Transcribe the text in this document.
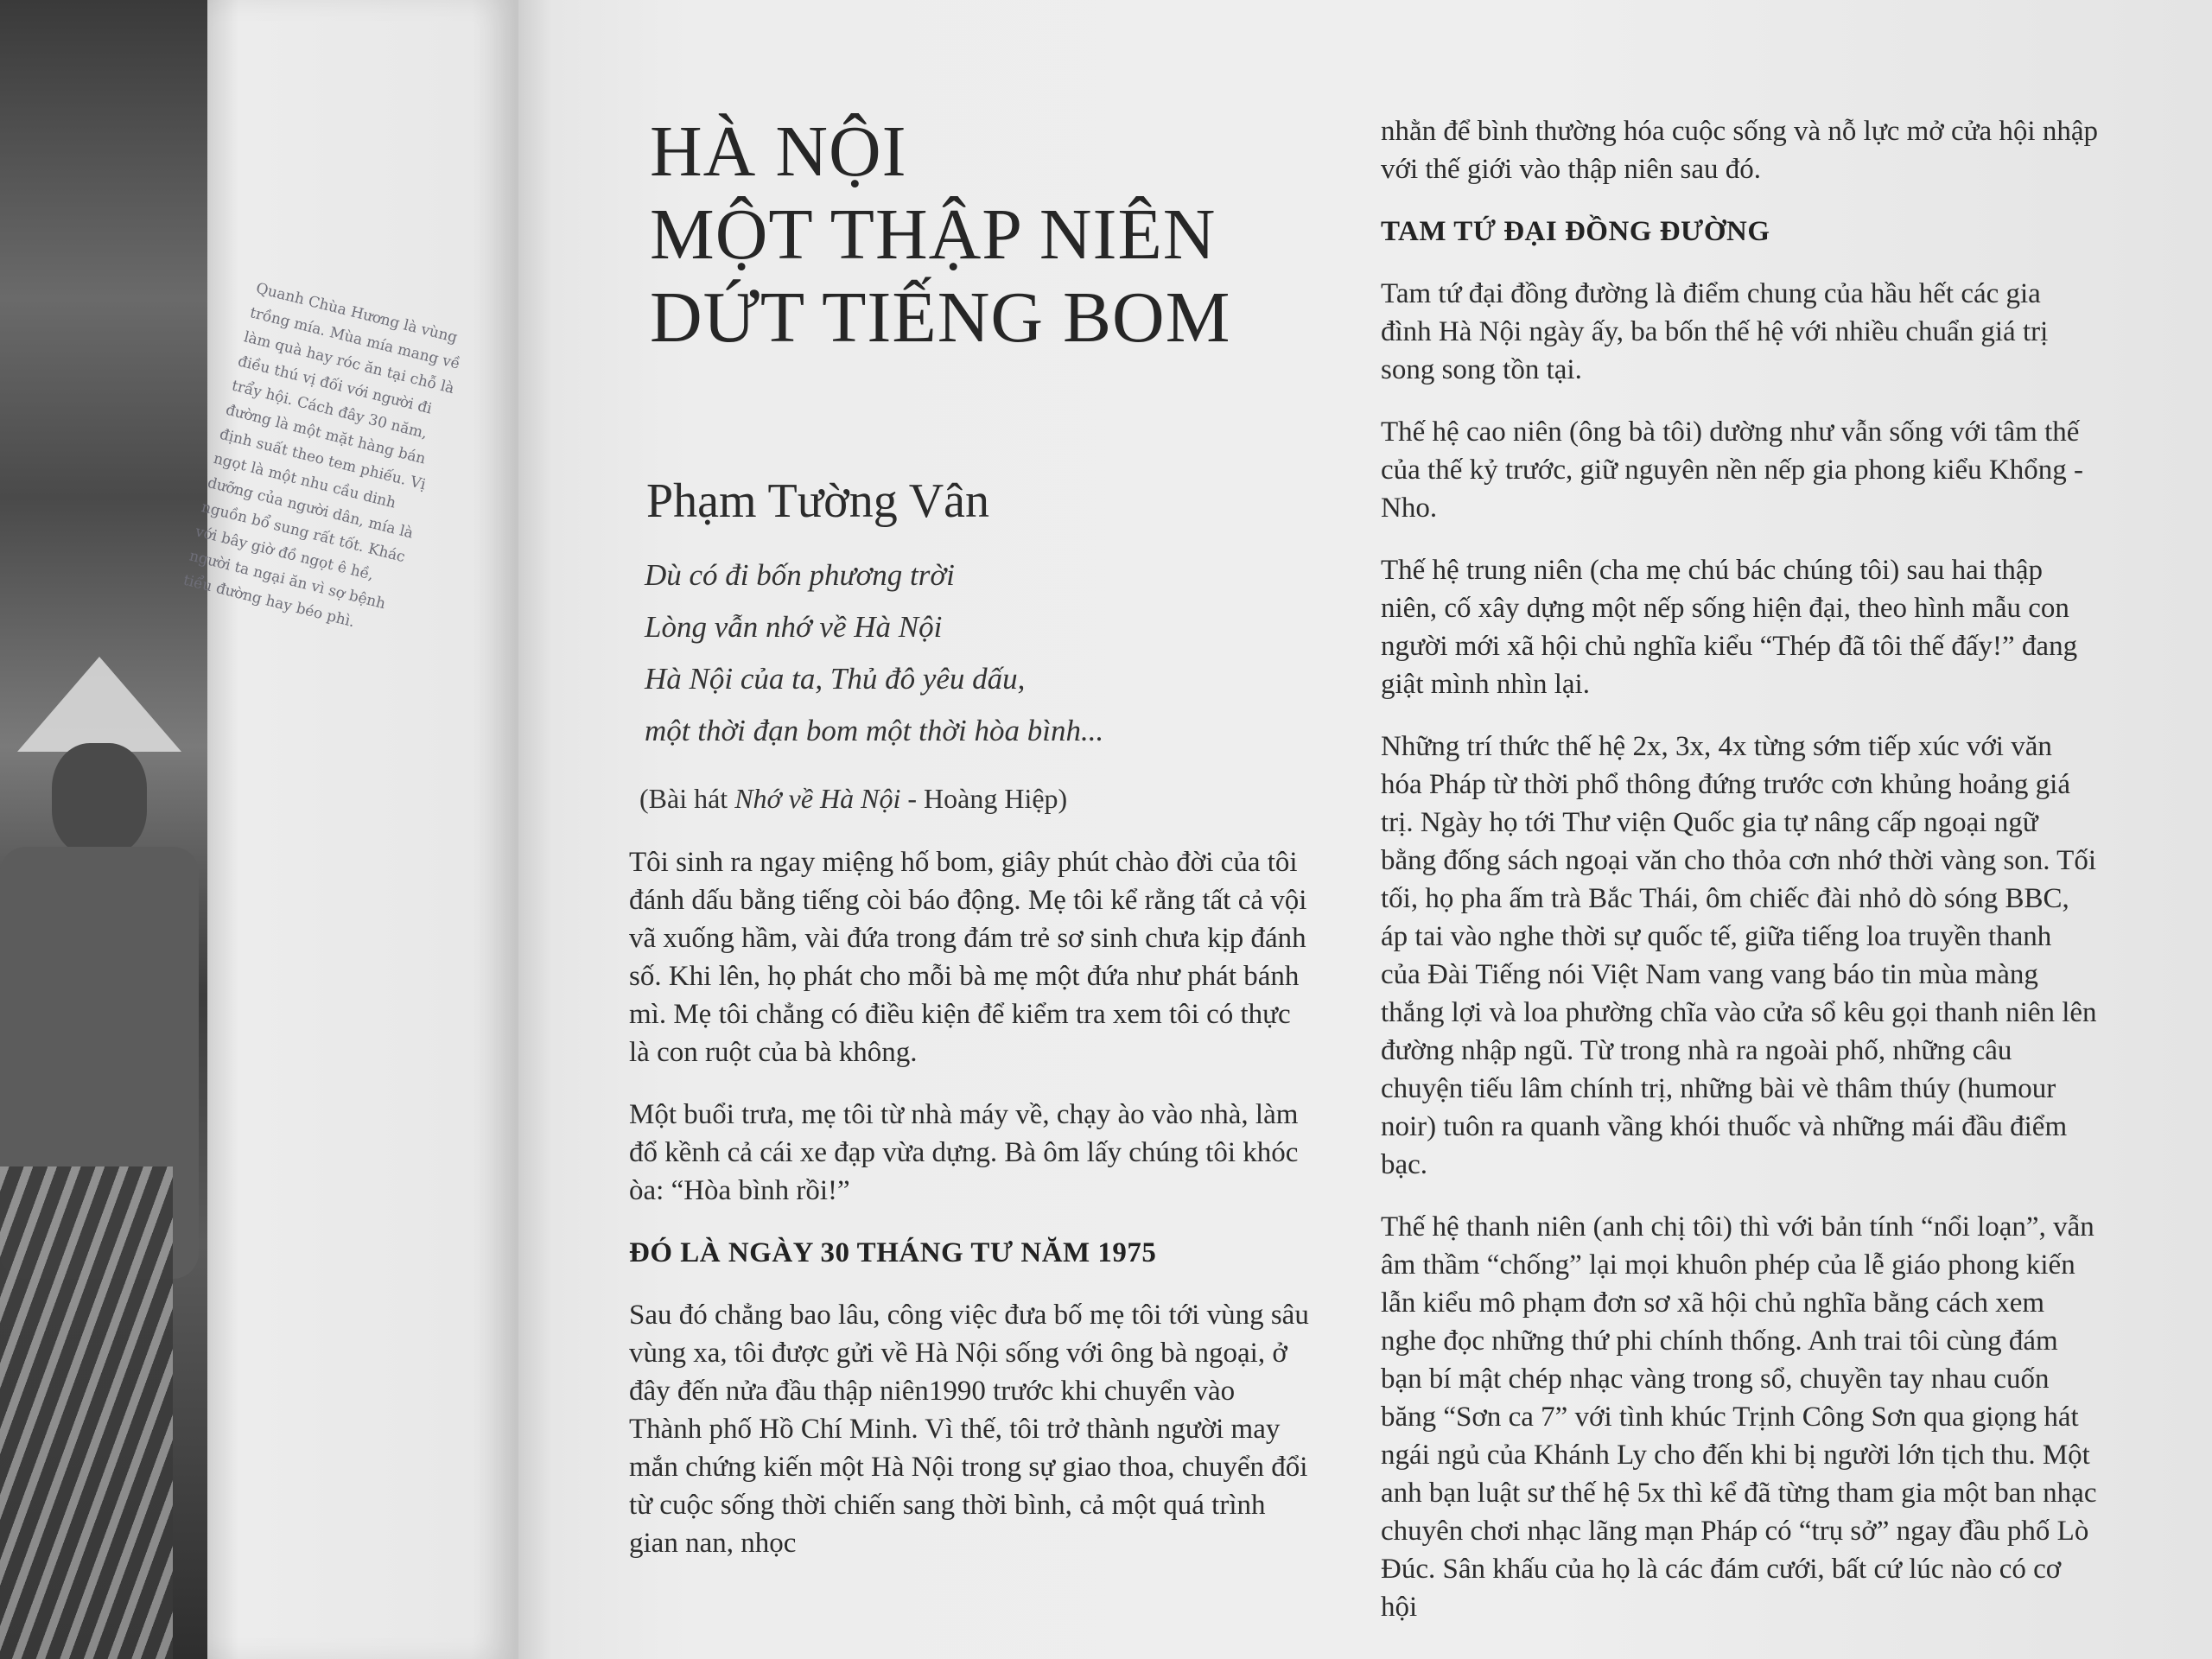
Quanh Chùa Hương là vùng trồng mía. Mùa mía mang về làm quà hay róc ăn tại chỗ là điều thú vị đối với người đi trẩy hội. Cách đây 30 năm, đường là một mặt hàng bán định suất theo tem phiếu. Vị ngọt là một nhu cầu dinh dưỡng của người dân, mía là nguồn bổ sung rất tốt. Khác với bây giờ đồ ngọt ê hề, người ta ngại ăn vì sợ bệnh tiểu đường hay béo phì.

HÀ NỘI
MỘT THẬP NIÊN
DỨT TIẾNG BOM
Phạm Tường Vân
Dù có đi bốn phương trời
Lòng vẫn nhớ về Hà Nội
Hà Nội của ta, Thủ đô yêu dấu,
một thời đạn bom một thời hòa bình...

(Bài hát Nhớ về Hà Nội - Hoàng Hiệp)

Tôi sinh ra ngay miệng hố bom, giây phút chào đời của tôi đánh dấu bằng tiếng còi báo động. Mẹ tôi kể rằng tất cả vội vã xuống hầm, vài đứa trong đám trẻ sơ sinh chưa kịp đánh số. Khi lên, họ phát cho mỗi bà mẹ một đứa như phát bánh mì. Mẹ tôi chẳng có điều kiện để kiểm tra xem tôi có thực là con ruột của bà không.

Một buổi trưa, mẹ tôi từ nhà máy về, chạy ào vào nhà, làm đổ kềnh cả cái xe đạp vừa dựng. Bà ôm lấy chúng tôi khóc òa: “Hòa bình rồi!”

ĐÓ LÀ NGÀY 30 THÁNG TƯ NĂM 1975

Sau đó chẳng bao lâu, công việc đưa bố mẹ tôi tới vùng sâu vùng xa, tôi được gửi về Hà Nội sống với ông bà ngoại, ở đây đến nửa đầu thập niên1990 trước khi chuyển vào Thành phố Hồ Chí Minh. Vì thế, tôi trở thành người may mắn chứng kiến một Hà Nội trong sự giao thoa, chuyển đổi từ cuộc sống thời chiến sang thời bình, cả một quá trình gian nan, nhọc

nhằn để bình thường hóa cuộc sống và nỗ lực mở cửa hội nhập với thế giới vào thập niên sau đó.

TAM TỨ ĐẠI ĐỒNG ĐƯỜNG

Tam tứ đại đồng đường là điểm chung của hầu hết các gia đình Hà Nội ngày ấy, ba bốn thế hệ với nhiều chuẩn giá trị song song tồn tại.

Thế hệ cao niên (ông bà tôi) dường như vẫn sống với tâm thế của thế kỷ trước, giữ nguyên nền nếp gia phong kiểu Khổng - Nho.

Thế hệ trung niên (cha mẹ chú bác chúng tôi) sau hai thập niên, cố xây dựng một nếp sống hiện đại, theo hình mẫu con người mới xã hội chủ nghĩa kiểu “Thép đã tôi thế đấy!” đang giật mình nhìn lại.

Những trí thức thế hệ 2x, 3x, 4x từng sớm tiếp xúc với văn hóa Pháp từ thời phổ thông đứng trước cơn khủng hoảng giá trị. Ngày họ tới Thư viện Quốc gia tự nâng cấp ngoại ngữ bằng đống sách ngoại văn cho thỏa cơn nhớ thời vàng son. Tối tối, họ pha ấm trà Bắc Thái, ôm chiếc đài nhỏ dò sóng BBC, áp tai vào nghe thời sự quốc tế, giữa tiếng loa truyền thanh của Đài Tiếng nói Việt Nam vang vang báo tin mùa màng thắng lợi và loa phường chĩa vào cửa sổ kêu gọi thanh niên lên đường nhập ngũ. Từ trong nhà ra ngoài phố, những câu chuyện tiếu lâm chính trị, những bài vè thâm thúy (humour noir) tuôn ra quanh vầng khói thuốc và những mái đầu điểm bạc.

Thế hệ thanh niên (anh chị tôi) thì với bản tính “nổi loạn”, vẫn âm thầm “chống” lại mọi khuôn phép của lễ giáo phong kiến lẫn kiểu mô phạm đơn sơ xã hội chủ nghĩa bằng cách xem nghe đọc những thứ phi chính thống. Anh trai tôi cùng đám bạn bí mật chép nhạc vàng trong sổ, chuyền tay nhau cuốn băng “Sơn ca 7” với tình khúc Trịnh Công Sơn qua giọng hát ngái ngủ của Khánh Ly cho đến khi bị người lớn tịch thu. Một anh bạn luật sư thế hệ 5x thì kể đã từng tham gia một ban nhạc chuyên chơi nhạc lãng mạn Pháp có “trụ sở” ngay đầu phố Lò Đúc. Sân khấu của họ là các đám cưới, bất cứ lúc nào có cơ hội
